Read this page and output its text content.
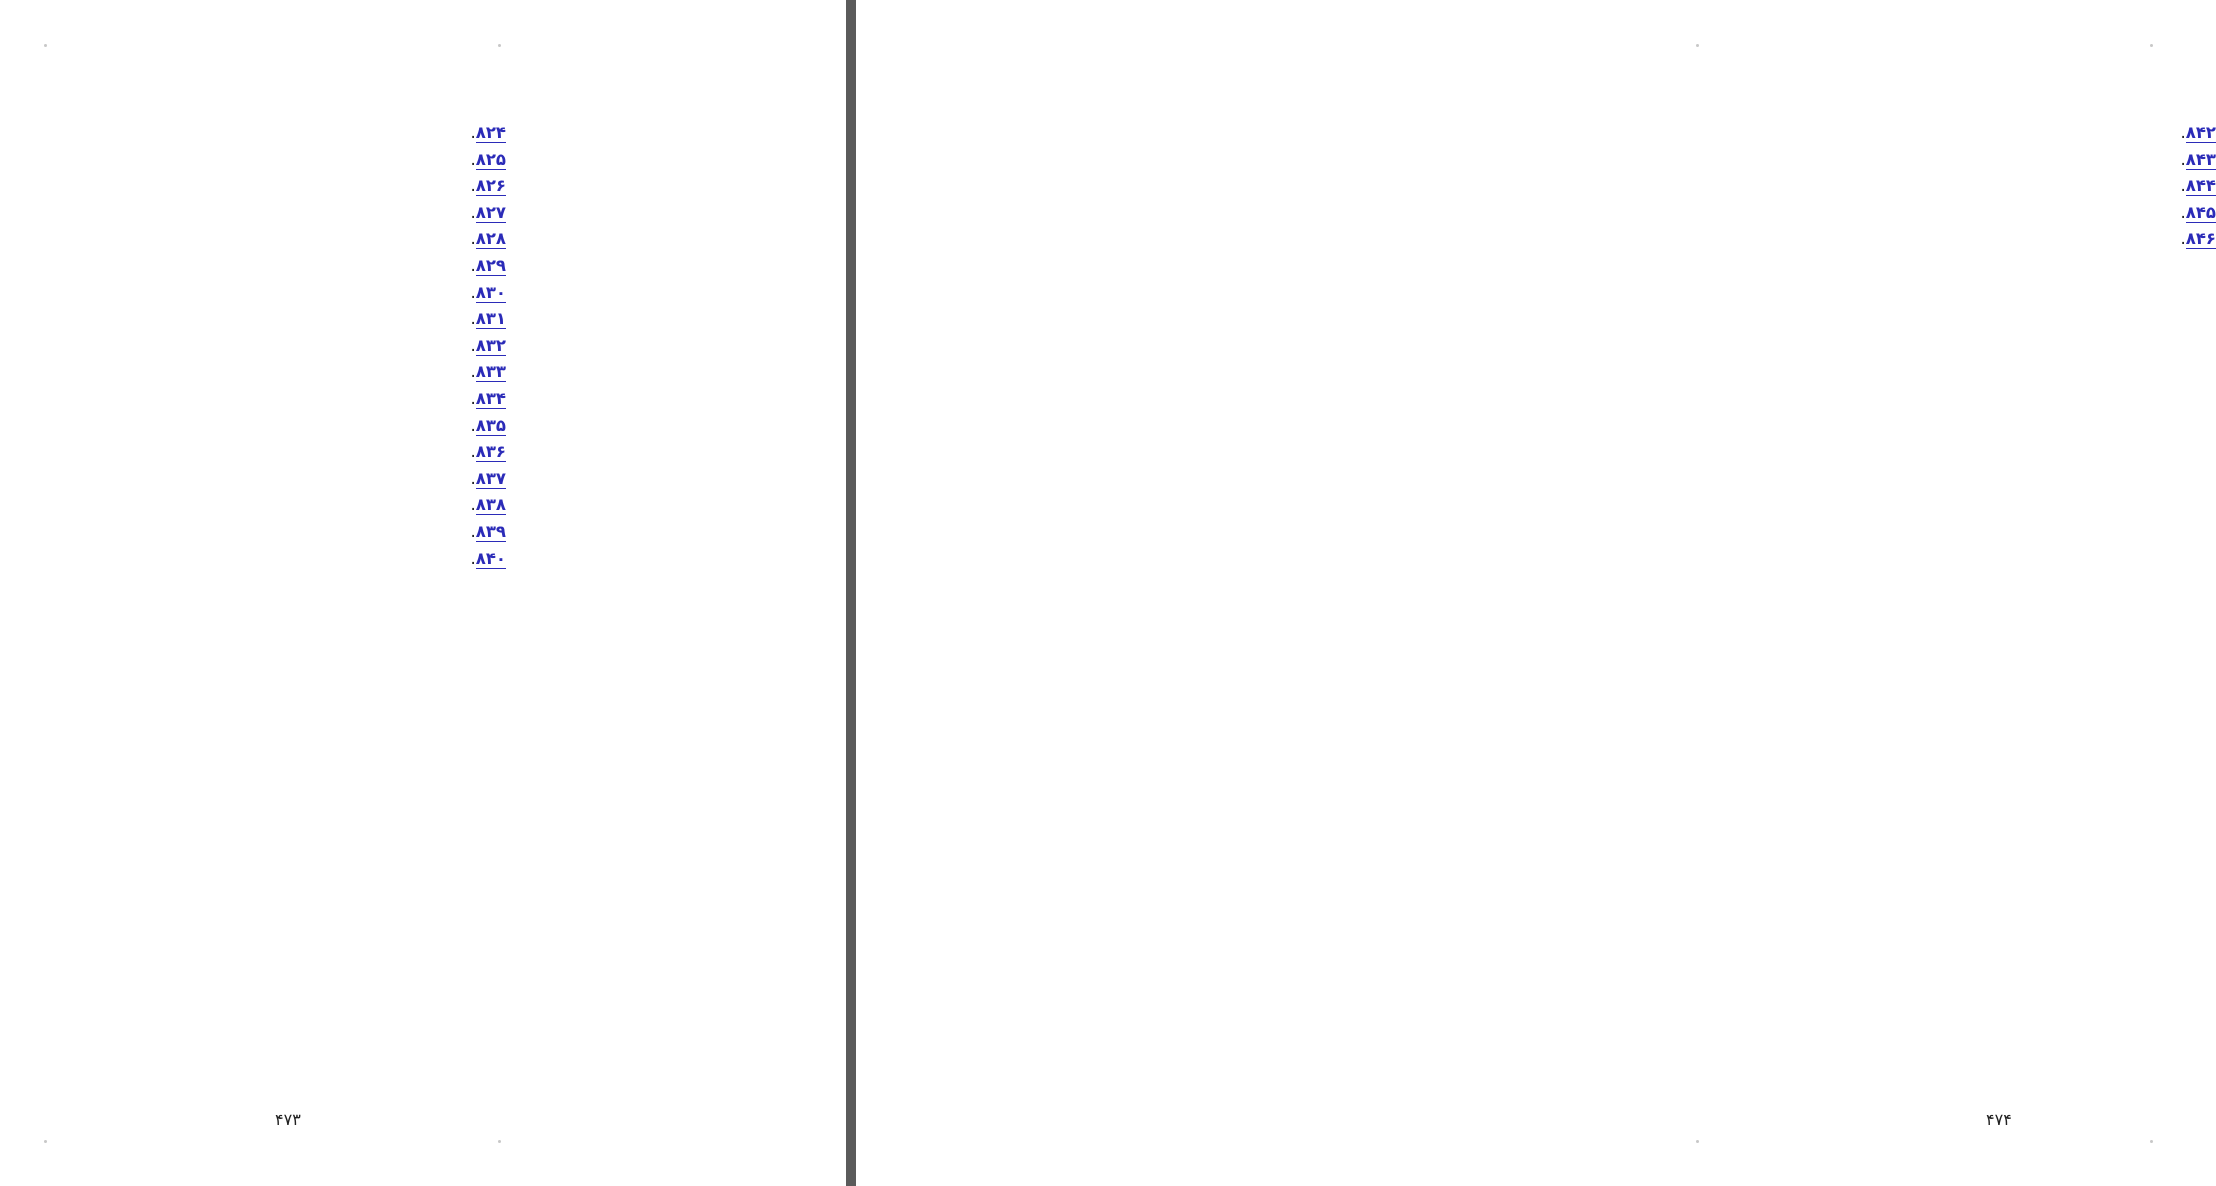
۸۲۴.

۸۲۵.

۸۲۶.

۸۲۷.

۸۲۸.

۸۲۹.

۸۳۰.

۸۳۱.

۸۳۲.

۸۳۳.

۸۳۴.

۸۳۵.

۸۳۶.

۸۳۷.

۸۳۸.

۸۳۹.

۸۴۰.

۴۷۳

۸۴۲.

۸۴۳.

۸۴۴.

۸۴۵.

۸۴۶.

۴۷۴
